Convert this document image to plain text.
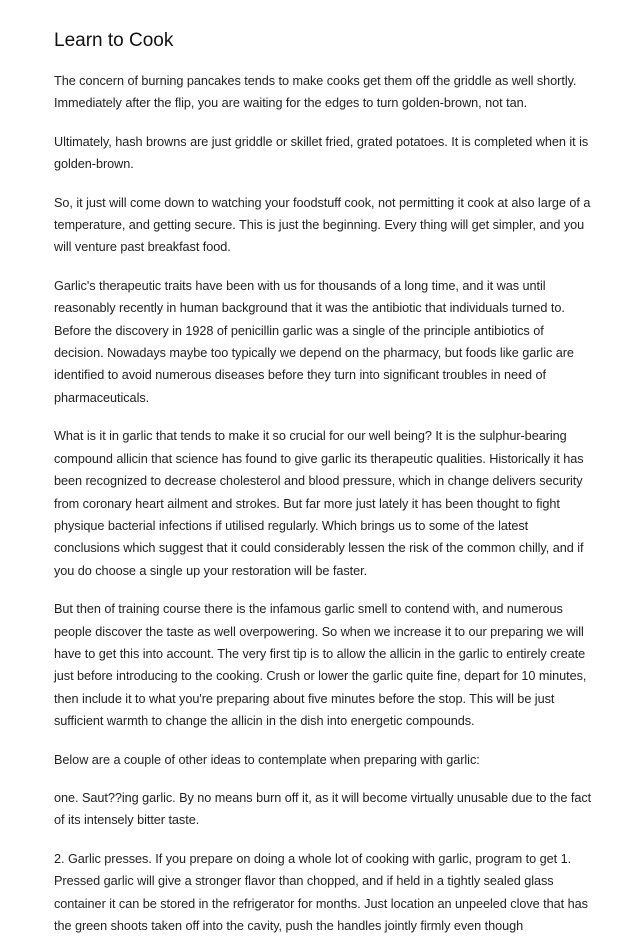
Learn to Cook

The concern of burning pancakes tends to make cooks get them off the griddle as well shortly. Immediately after the flip, you are waiting for the edges to turn golden-brown, not tan.

Ultimately, hash browns are just griddle or skillet fried, grated potatoes. It is completed when it is golden-brown.

So, it just will come down to watching your foodstuff cook, not permitting it cook at also large of a temperature, and getting secure. This is just the beginning. Every thing will get simpler, and you will venture past breakfast food.

Garlic's therapeutic traits have been with us for thousands of a long time, and it was until reasonably recently in human background that it was the antibiotic that individuals turned to. Before the discovery in 1928 of penicillin garlic was a single of the principle antibiotics of decision. Nowadays maybe too typically we depend on the pharmacy, but foods like garlic are identified to avoid numerous diseases before they turn into significant troubles in need of pharmaceuticals.

What is it in garlic that tends to make it so crucial for our well being? It is the sulphur-bearing compound allicin that science has found to give garlic its therapeutic qualities. Historically it has been recognized to decrease cholesterol and blood pressure, which in change delivers security from coronary heart ailment and strokes. But far more just lately it has been thought to fight physique bacterial infections if utilised regularly. Which brings us to some of the latest conclusions which suggest that it could considerably lessen the risk of the common chilly, and if you do choose a single up your restoration will be faster.

But then of training course there is the infamous garlic smell to contend with, and numerous people discover the taste as well overpowering. So when we increase it to our preparing we will have to get this into account. The very first tip is to allow the allicin in the garlic to entirely create just before introducing to the cooking. Crush or lower the garlic quite fine, depart for 10 minutes, then include it to what you're preparing about five minutes before the stop. This will be just sufficient warmth to change the allicin in the dish into energetic compounds.

Below are a couple of other ideas to contemplate when preparing with garlic:

one. Saut??ing garlic. By no means burn off it, as it will become virtually unusable due to the fact of its intensely bitter taste.

2. Garlic presses. If you prepare on doing a whole lot of cooking with garlic, program to get 1. Pressed garlic will give a stronger flavor than chopped, and if held in a tightly sealed glass container it can be stored in the refrigerator for months. Just location an unpeeled clove that has the green shoots taken off into the cavity, push the handles jointly firmly even though
